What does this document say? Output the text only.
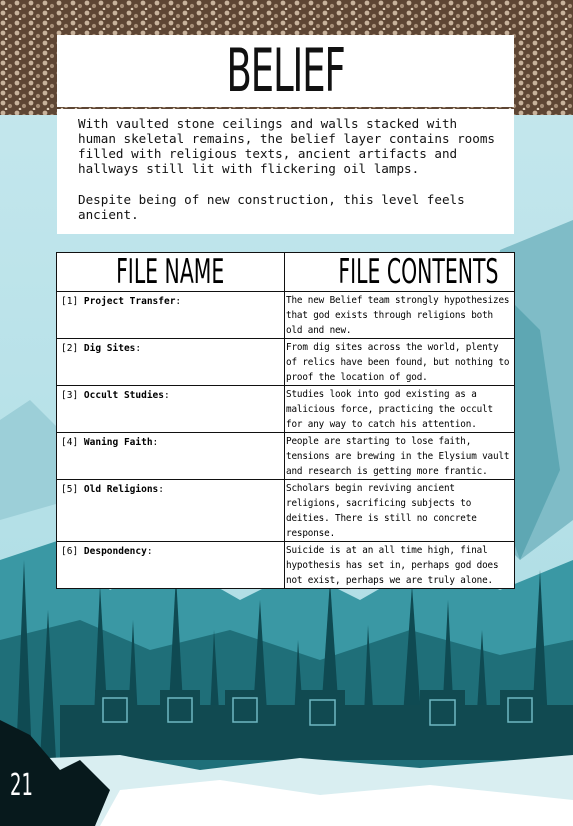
BELIEF

With vaulted stone ceilings and walls stacked with human skeletal remains, the belief layer contains rooms filled with religious texts, ancient artifacts and hallways still lit with flickering oil lamps.

Despite being of new construction, this level feels ancient.

FILE NAME	FILE CONTENTS
[1] Project Transfer:	The new Belief team strongly hypothesizes that god exists through religions both old and new.
[2] Dig Sites:	From dig sites across the world, plenty of relics have been found, but nothing to proof the location of god.
[3] Occult Studies:	Studies look into god existing as a malicious force, practicing the occult for any way to catch his attention.
[4] Waning Faith:	People are starting to lose faith, tensions are brewing in the Elysium vault and research is getting more frantic.
[5] Old Religions:	Scholars begin reviving ancient religions, sacrificing subjects to deities. There is still no concrete response.
[6] Despondency:	Suicide is at an all time high, final hypothesis has set in, perhaps god does not exist, perhaps we are truly alone.
21
